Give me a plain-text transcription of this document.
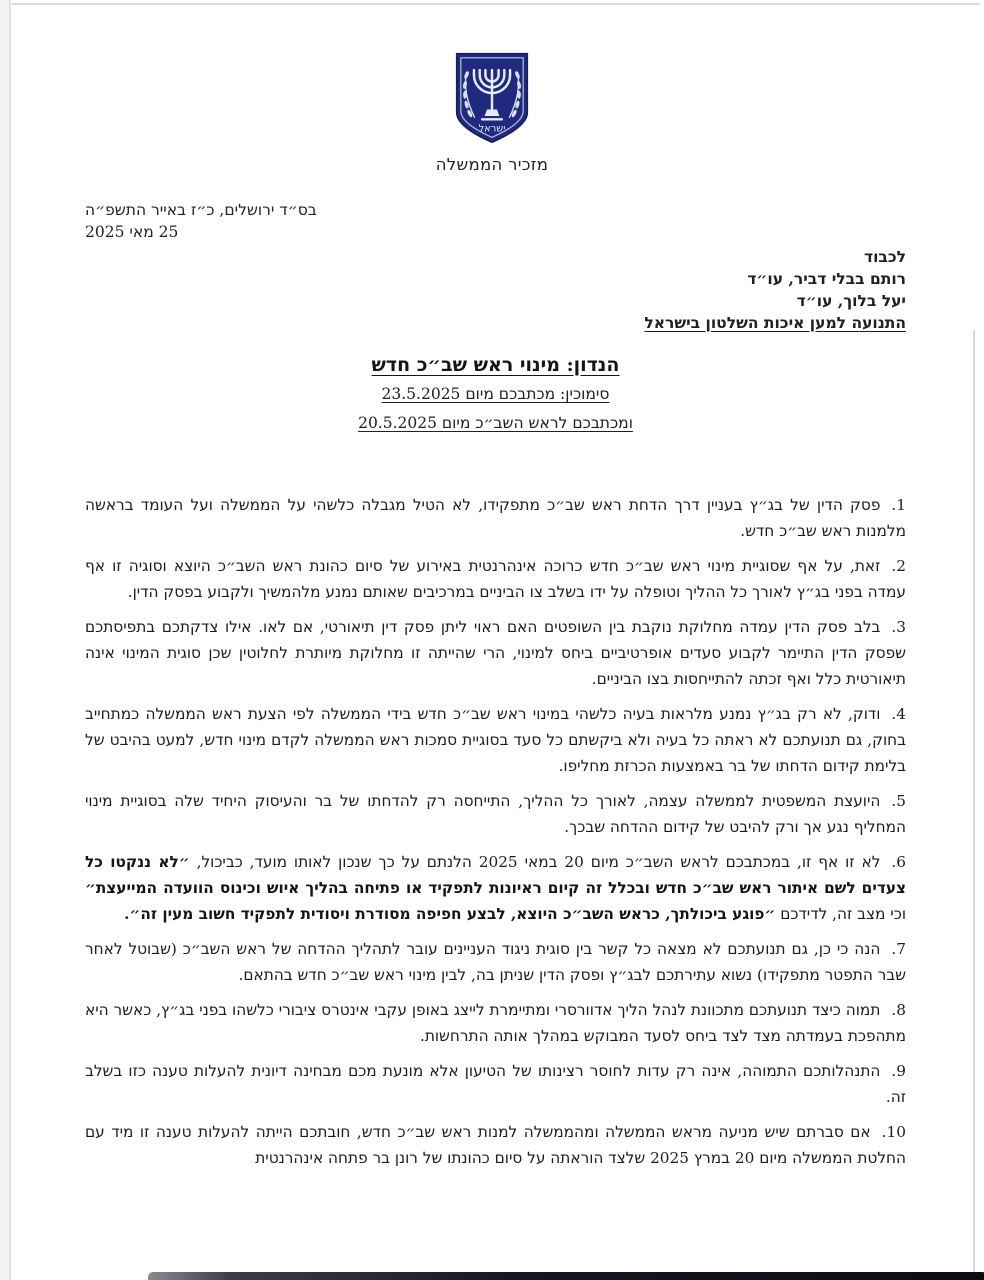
ישראל
מזכיר הממשלה
בס״ד ירושלים, כ״ז באייר התשפ״ה
25 מאי 2025
לכבוד
רותם בבלי דביר, עו״ד
יעל בלוך, עו״ד
התנועה למען איכות השלטון בישראל
הנדון: מינוי ראש שב״כ חדש
סימוכין: מכתבכם מיום 23.5.2025
ומכתבכם לראש השב״כ מיום 20.5.2025
1.פסק הדין של בג״ץ בעניין דרך הדחת ראש שב״כ מתפקידו, לא הטיל מגבלה כלשהי על הממשלה ועל העומד בראשה מלמנות ראש שב״כ חדש.
2.זאת, על אף שסוגיית מינוי ראש שב״כ חדש כרוכה אינהרנטית באירוע של סיום כהונת ראש השב״כ היוצא וסוגיה זו אף עמדה בפני בג״ץ לאורך כל ההליך וטופלה על ידו בשלב צו הביניים במרכיבים שאותם נמנע מלהמשיך ולקבוע בפסק הדין.
3.בלב פסק הדין עמדה מחלוקת נוקבת בין השופטים האם ראוי ליתן פסק דין תיאורטי, אם לאו. אילו צדקתכם בתפיסתכם שפסק הדין התיימר לקבוע סעדים אופרטיביים ביחס למינוי, הרי שהייתה זו מחלוקת מיותרת לחלוטין שכן סוגית המינוי אינה תיאורטית כלל ואף זכתה להתייחסות בצו הביניים.
4.ודוק, לא רק בג״ץ נמנע מלראות בעיה כלשהי במינוי ראש שב״כ חדש בידי הממשלה לפי הצעת ראש הממשלה כמתחייב בחוק, גם תנועתכם לא ראתה כל בעיה ולא ביקשתם כל סעד בסוגיית סמכות ראש הממשלה לקדם מינוי חדש, למעט בהיבט של בלימת קידום הדחתו של בר באמצעות הכרזת מחליפו.
5.היועצת המשפטית לממשלה עצמה, לאורך כל ההליך, התייחסה רק להדחתו של בר והעיסוק היחיד שלה בסוגיית מינוי המחליף נגע אך ורק להיבט של קידום ההדחה שבכך.
6.לא זו אף זו, במכתבכם לראש השב״כ מיום 20 במאי 2025 הלנתם על כך שנכון לאותו מועד, כביכול, ״לא ננקטו כל צעדים לשם איתור ראש שב״כ חדש ובכלל זה קיום ראיונות לתפקיד או פתיחה בהליך איוש וכינוס הוועדה המייעצת״ וכי מצב זה, לדידכם ״פוגע ביכולתך, כראש השב״כ היוצא, לבצע חפיפה מסודרת ויסודית לתפקיד חשוב מעין זה״.
7.הנה כי כן, גם תנועתכם לא מצאה כל קשר בין סוגית ניגוד העניינים עובר לתהליך ההדחה של ראש השב״כ (שבוטל לאחר שבר התפטר מתפקידו) נשוא עתירתכם לבג״ץ ופסק הדין שניתן בה, לבין מינוי ראש שב״כ חדש בהתאם.
8.תמוה כיצד תנועתכם מתכוונת לנהל הליך אדוורסרי ומתיימרת לייצג באופן עקבי אינטרס ציבורי כלשהו בפני בג״ץ, כאשר היא מתהפכת בעמדתה מצד לצד ביחס לסעד המבוקש במהלך אותה התרחשות.
9.התנהלותכם התמוהה, אינה רק עדות לחוסר רצינותו של הטיעון אלא מונעת מכם מבחינה דיונית להעלות טענה כזו בשלב זה.
10.אם סברתם שיש מניעה מראש הממשלה ומהממשלה למנות ראש שב״כ חדש, חובתכם הייתה להעלות טענה זו מיד עם החלטת הממשלה מיום 20 במרץ 2025 שלצד הוראתה על סיום כהונתו של רונן בר פתחה אינהרנטית
